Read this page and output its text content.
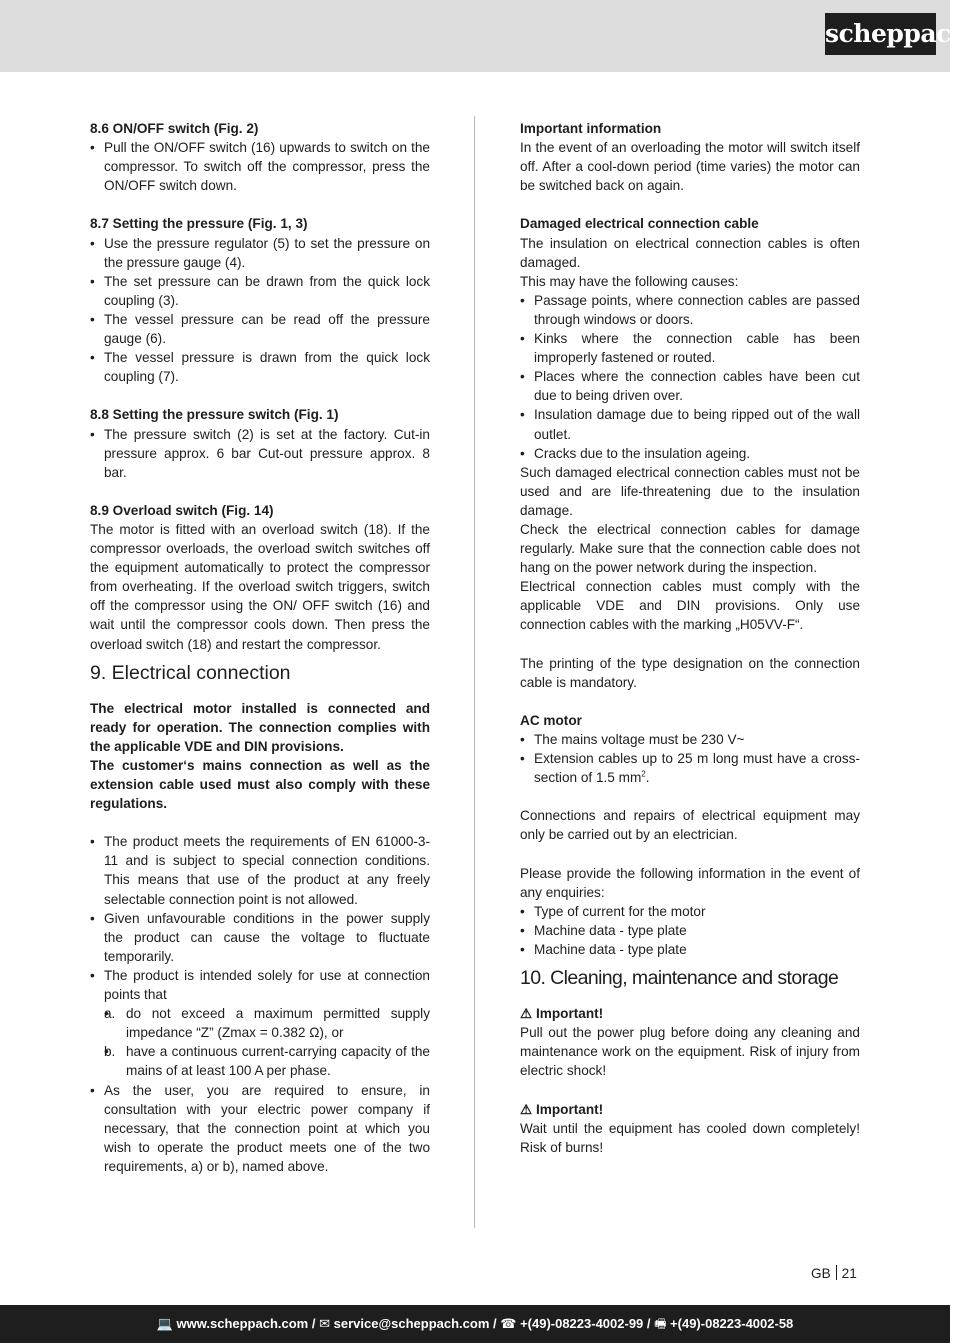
scheppach

8.6 ON/OFF switch (Fig. 2)

• Pull the ON/OFF switch (16) upwards to switch on the compressor. To switch off the compressor, press the ON/OFF switch down.

8.7 Setting the pressure (Fig. 1, 3)

• Use the pressure regulator (5) to set the pressure on the pressure gauge (4).
• The set pressure can be drawn from the quick lock coupling (3).
• The vessel pressure can be read off the pressure gauge (6).
• The vessel pressure is drawn from the quick lock coupling (7).

8.8 Setting the pressure switch (Fig. 1)

• The pressure switch (2) is set at the factory. Cut-in pressure approx. 6 bar Cut-out pressure approx. 8 bar.

8.9 Overload switch (Fig. 14)

The motor is fitted with an overload switch (18). If the compressor overloads, the overload switch switches off the equipment automatically to protect the compressor from overheating. If the overload switch triggers, switch off the compressor using the ON/ OFF switch (16) and wait until the compressor cools down. Then press the overload switch (18) and restart the compressor.

9. Electrical connection

The electrical motor installed is connected and ready for operation. The connection complies with the applicable VDE and DIN provisions.

The customer‘s mains connection as well as the extension cable used must also comply with these regulations.

• The product meets the requirements of EN 61000-3-11 and is subject to special connection conditions. This means that use of the product at any freely selectable connection point is not allowed.
• Given unfavourable conditions in the power supply the product can cause the voltage to fluctuate temporarily.
• The product is intended solely for use at connection points that
• a. do not exceed a maximum permitted supply impedance “Z” (Zmax = 0.382 Ω), or
• b. have a continuous current-carrying capacity of the mains of at least 100 A per phase.
• As the user, you are required to ensure, in consultation with your electric power company if necessary, that the connection point at which you wish to operate the product meets one of the two requirements, a) or b), named above.

Important information

In the event of an overloading the motor will switch itself off. After a cool-down period (time varies) the motor can be switched back on again.

Damaged electrical connection cable

The insulation on electrical connection cables is often damaged.

This may have the following causes:

• Passage points, where connection cables are passed through windows or doors.
• Kinks where the connection cable has been improperly fastened or routed.
• Places where the connection cables have been cut due to being driven over.
• Insulation damage due to being ripped out of the wall outlet.
• Cracks due to the insulation ageing.

Such damaged electrical connection cables must not be used and are life-threatening due to the insulation damage.

Check the electrical connection cables for damage regularly. Make sure that the connection cable does not hang on the power network during the inspection.

Electrical connection cables must comply with the applicable VDE and DIN provisions. Only use connection cables with the marking „H05VV-F“.

The printing of the type designation on the connection cable is mandatory.

AC motor

• The mains voltage must be 230 V~
• Extension cables up to 25 m long must have a cross-section of 1.5 $mm^2$.

Connections and repairs of electrical equipment may only be carried out by an electrician.

Please provide the following information in the event of any enquiries:

• Type of current for the motor
• Machine data - type plate
• Machine data - type plate
10. Cleaning, maintenance and storage

⚠ Important!

Pull out the power plug before doing any cleaning and maintenance work on the equipment. Risk of injury from electric shock!

⚠ Important!

Wait until the equipment has cooled down completely! Risk of burns!

GB 21
💻 www.scheppach.com / ✉ service@scheppach.com / ☎ +(49)-08223-4002-99 / 🖷 +(49)-08223-4002-58
